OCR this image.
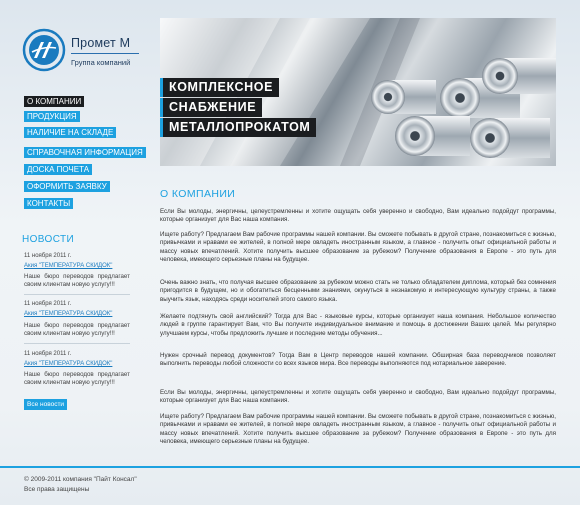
Промет М
Группа компаний
КОМПЛЕКСНОЕ
СНАБЖЕНИЕ
МЕТАЛЛОПРОКАТОМ
О КОМПАНИИ
ПРОДУКЦИЯ
НАЛИЧИЕ НА СКЛАДЕ
СПРАВОЧНАЯ ИНФОРМАЦИЯ
ДОСКА ПОЧЕТА
ОФОРМИТЬ ЗАЯВКУ
КОНТАКТЫ
НОВОСТИ
11 ноября 2011 г.
Акия "ТЕМПЕРАТУРА СКИДОК"
Наше бюро переводов предлагает своим клиентам новую услугу!!!
11 ноября 2011 г.
Акия "ТЕМПЕРАТУРА СКИДОК"
Наше бюро переводов предлагает своим клиентам новую услугу!!!
11 ноября 2011 г.
Акия "ТЕМПЕРАТУРА СКИДОК"
Наше бюро переводов предлагает своим клиентам новую услугу!!!
Все новости
О КОМПАНИИ
Если Вы молоды, энергичны, целеустремленны и хотите ощущать себя уверенно и свободно, Вам идеально подойдут программы, которые организует для Вас наша компания.
Ищете работу? Предлагаем Вам рабочие программы нашей компании. Вы сможете побывать в другой стране, познакомиться с жизнью, привычками и нравами ее жителей, в полной мере овладеть иностранным языком, а главное - получить опыт официальной работы и массу новых впечатлений. Хотите получить высшее образование за рубежом? Получение образования в Европе - это путь для человека, имеющего серьезные планы на будущее.
Очень важно знать, что получая высшее образование за рубежом можно стать не только обладателем диплома, который без сомнения пригодится в будущем, но и обогатиться бесценными знаниями, окунуться в незнакомую и интересующую культуру страны, а также выучить язык, находясь среди носителей этого самого языка.
Желаете подтянуть свой английский? Тогда для Вас - языковые курсы, которые организует наша компания. Небольшое количество людей в группе гарантирует Вам, что Вы получите индивидуальное внимание и помощь в достижении Ваших целей. Мы регулярно улучшаем курсы, чтобы предложить лучшие и последние методы обучения...
Нужен срочный перевод документов? Тогда Вам в Центр переводов нашей компании. Обширная база переводчиков позволяет выполнить переводы любой сложности со всех языков мира. Все переводы выполняются под нотариальное заверение.
Если Вы молоды, энергичны, целеустремленны и хотите ощущать себя уверенно и свободно, Вам идеально подойдут программы, которые организует для Вас наша компания.
Ищете работу? Предлагаем Вам рабочие программы нашей компании. Вы сможете побывать в другой стране, познакомиться с жизнью, привычками и нравами ее жителей, в полной мере овладеть иностранным языком, а главное - получить опыт официальной работы и массу новых впечатлений. Хотите получить высшее образование за рубежом? Получение образования в Европе - это путь для человека, имеющего серьезные планы на будущее.
© 2009-2011 компания "Пайт Консал"
Все права защищены
